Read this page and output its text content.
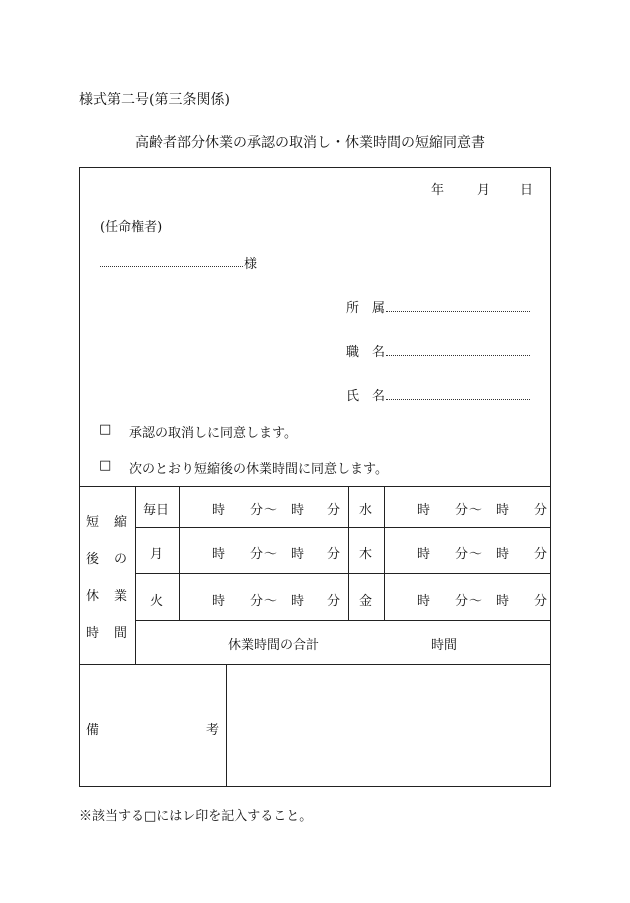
様式第二号(第三条関係)
高齢者部分休業の承認の取消し・休業時間の短縮同意書
年	月 日
(任命権者)
様
所　属
職　名
氏　名
□ 承認の取消しに同意します。
□ 次のとおり短縮後の休業時間に同意します。
短 縮
後 の
休 業
時 間
毎日	時 分 〜 時 分 水	時 分 〜 時 分
月	時 分 〜 時 分 木	時 分 〜 時 分
火	時 分 〜 時 分 金	時 分 〜 時 分
休業時間の合計	時間
備	考
※該当する□にはレ印を記入すること。
